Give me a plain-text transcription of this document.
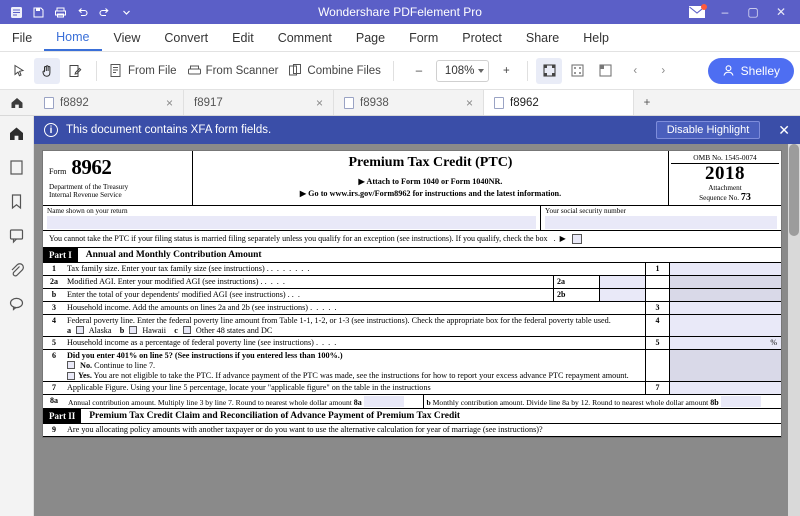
Wondershare PDFelement Pro	–	▢	✕
File	Home	View	Convert	Edit	Comment	Page	Form	Protect	Share	Help
From File	From Scanner	Combine Files	–	108%	+	‹	›	Shelley
f8892	× f8917	×	f8938	×	f8962	+
i	This document contains XFA form fields.	Disable Highlight	✕
Form 8962
Department of the Treasury
Internal Revenue Service
Premium Tax Credit (PTC)
▶ Attach to Form 1040 or Form 1040NR.
▶ Go to www.irs.gov/Form8962 for instructions and the latest information.
OMB No. 1545-0074
2018
Attachment
Sequence No. 73
Name shown on your return	Your social security number
You cannot take the PTC if your filing status is married filing separately unless you qualify for an exception (see instructions). If you qualify, check the box .  ▶
Part I	Annual and Monthly Contribution Amount
1	Tax family size. Enter your tax family size (see instructions) . . . . . . . .	1
2a	Modified AGI. Enter your modified AGI (see instructions) . . . . .	2a
b	Enter the total of your dependents' modified AGI (see instructions) . . .	2b
3	Household income. Add the amounts on lines 2a and 2b (see instructions) . . . . .	3
4	Federal poverty line. Enter the federal poverty line amount from Table 1-1, 1-2, or 1-3 (see instructions). Check the appropriate box for the federal poverty table used.
a Alaska b Hawaii c Other 48 states and DC
4
5	Household income as a percentage of federal poverty line (see instructions) . . . .	5	%
6	Did you enter 401% on line 5? (See instructions if you entered less than 100%.)
No. Continue to line 7.
Yes. You are not eligible to take the PTC. If advance payment of the PTC was made, see the instructions for how to report your excess advance PTC repayment amount.
7	Applicable Figure. Using your line 5 percentage, locate your "applicable figure" on the table in the instructions	7
8a	Annual contribution amount. Multiply line 3 by line 7. Round to nearest whole dollar amount 8a	b Monthly contribution amount. Divide line 8a by 12. Round to nearest whole dollar amount 8b
Part II	Premium Tax Credit Claim and Reconciliation of Advance Payment of Premium Tax Credit
9	Are you allocating policy amounts with another taxpayer or do you want to use the alternative calculation for year of marriage (see instructions)?
